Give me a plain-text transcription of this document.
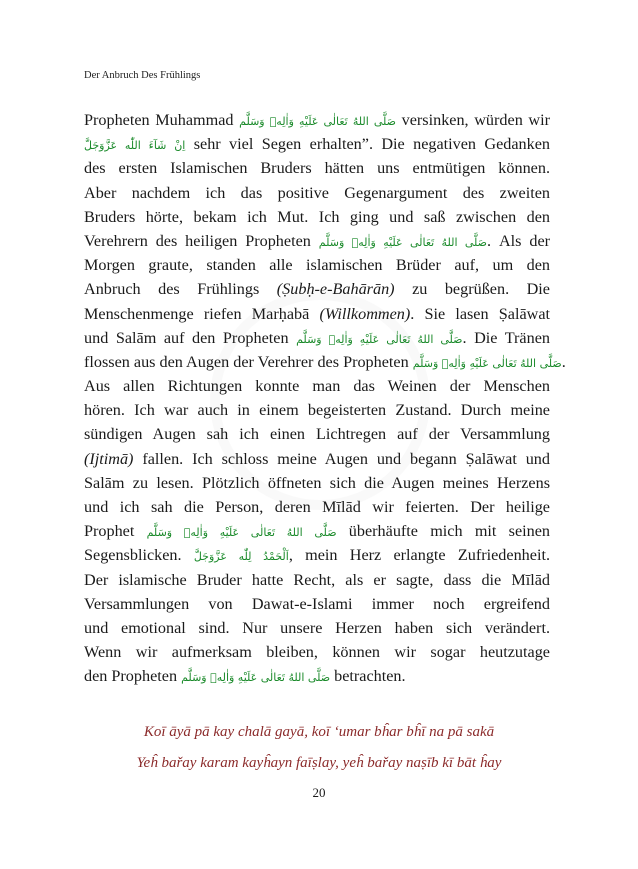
Der Anbruch Des Frühlings
Propheten Muhammad صَلَّى اللهُ تَعَالٰى عَلَيْهِ وَاٰلِهٖ وَسَلَّم versinken, würden wir
اِنْ شَآءَ اللّٰه عَزَّوَجَلَّ sehr viel Segen erhalten”. Die negativen Gedanken
des ersten Islamischen Bruders hätten uns entmütigen können.
Aber nachdem ich das positive Gegenargument des zweiten
Bruders hörte, bekam ich Mut. Ich ging und saß zwischen den
Verehrern des heiligen Propheten صَلَّى اللهُ تَعَالٰى عَلَيْهِ وَاٰلِهٖ وَسَلَّم. Als der
Morgen graute, standen alle islamischen Brüder auf, um den
Anbruch des Frühlings (Ṣubḥ-e-Bahārān) zu begrüßen. Die
Menschenmenge riefen Marḥabā (Willkommen). Sie lasen Ṣalāwat
und Salām auf den Propheten صَلَّى اللهُ تَعَالٰى عَلَيْهِ وَاٰلِهٖ وَسَلَّم. Die Tränen
flossen aus den Augen der Verehrer des Propheten صَلَّى اللهُ تَعَالٰى عَلَيْهِ وَاٰلِهٖ وَسَلَّم.
Aus allen Richtungen konnte man das Weinen der Menschen
hören. Ich war auch in einem begeisterten Zustand. Durch meine
sündigen Augen sah ich einen Lichtregen auf der Versammlung
(Ijtimā) fallen. Ich schloss meine Augen und begann Ṣalāwat und
Salām zu lesen. Plötzlich öffneten sich die Augen meines Herzens
und ich sah die Person, deren Mīlād wir feierten. Der heilige
Prophet صَلَّى اللهُ تَعَالٰى عَلَيْهِ وَاٰلِهٖ وَسَلَّم überhäufte mich mit seinen
Segensblicken. اَلْحَمْدُ لِلّٰه عَزَّوَجَلَّ, mein Herz erlangte Zufriedenheit.
Der islamische Bruder hatte Recht, als er sagte, dass die Mīlād
Versammlungen von Dawat-e-Islami immer noch ergreifend
und emotional sind. Nur unsere Herzen haben sich verändert.
Wenn wir aufmerksam bleiben, können wir sogar heutzutage
den Propheten صَلَّى اللهُ تَعَالٰى عَلَيْهِ وَاٰلِهٖ وَسَلَّم betrachten.
Koī āyā pā kay chalā gayā, koī ‘umar bĥar bĥī na pā sakā
Yeĥ bařay karam kayĥayn faīṣlay, yeĥ bařay naṣīb kī bāt ĥay
20
